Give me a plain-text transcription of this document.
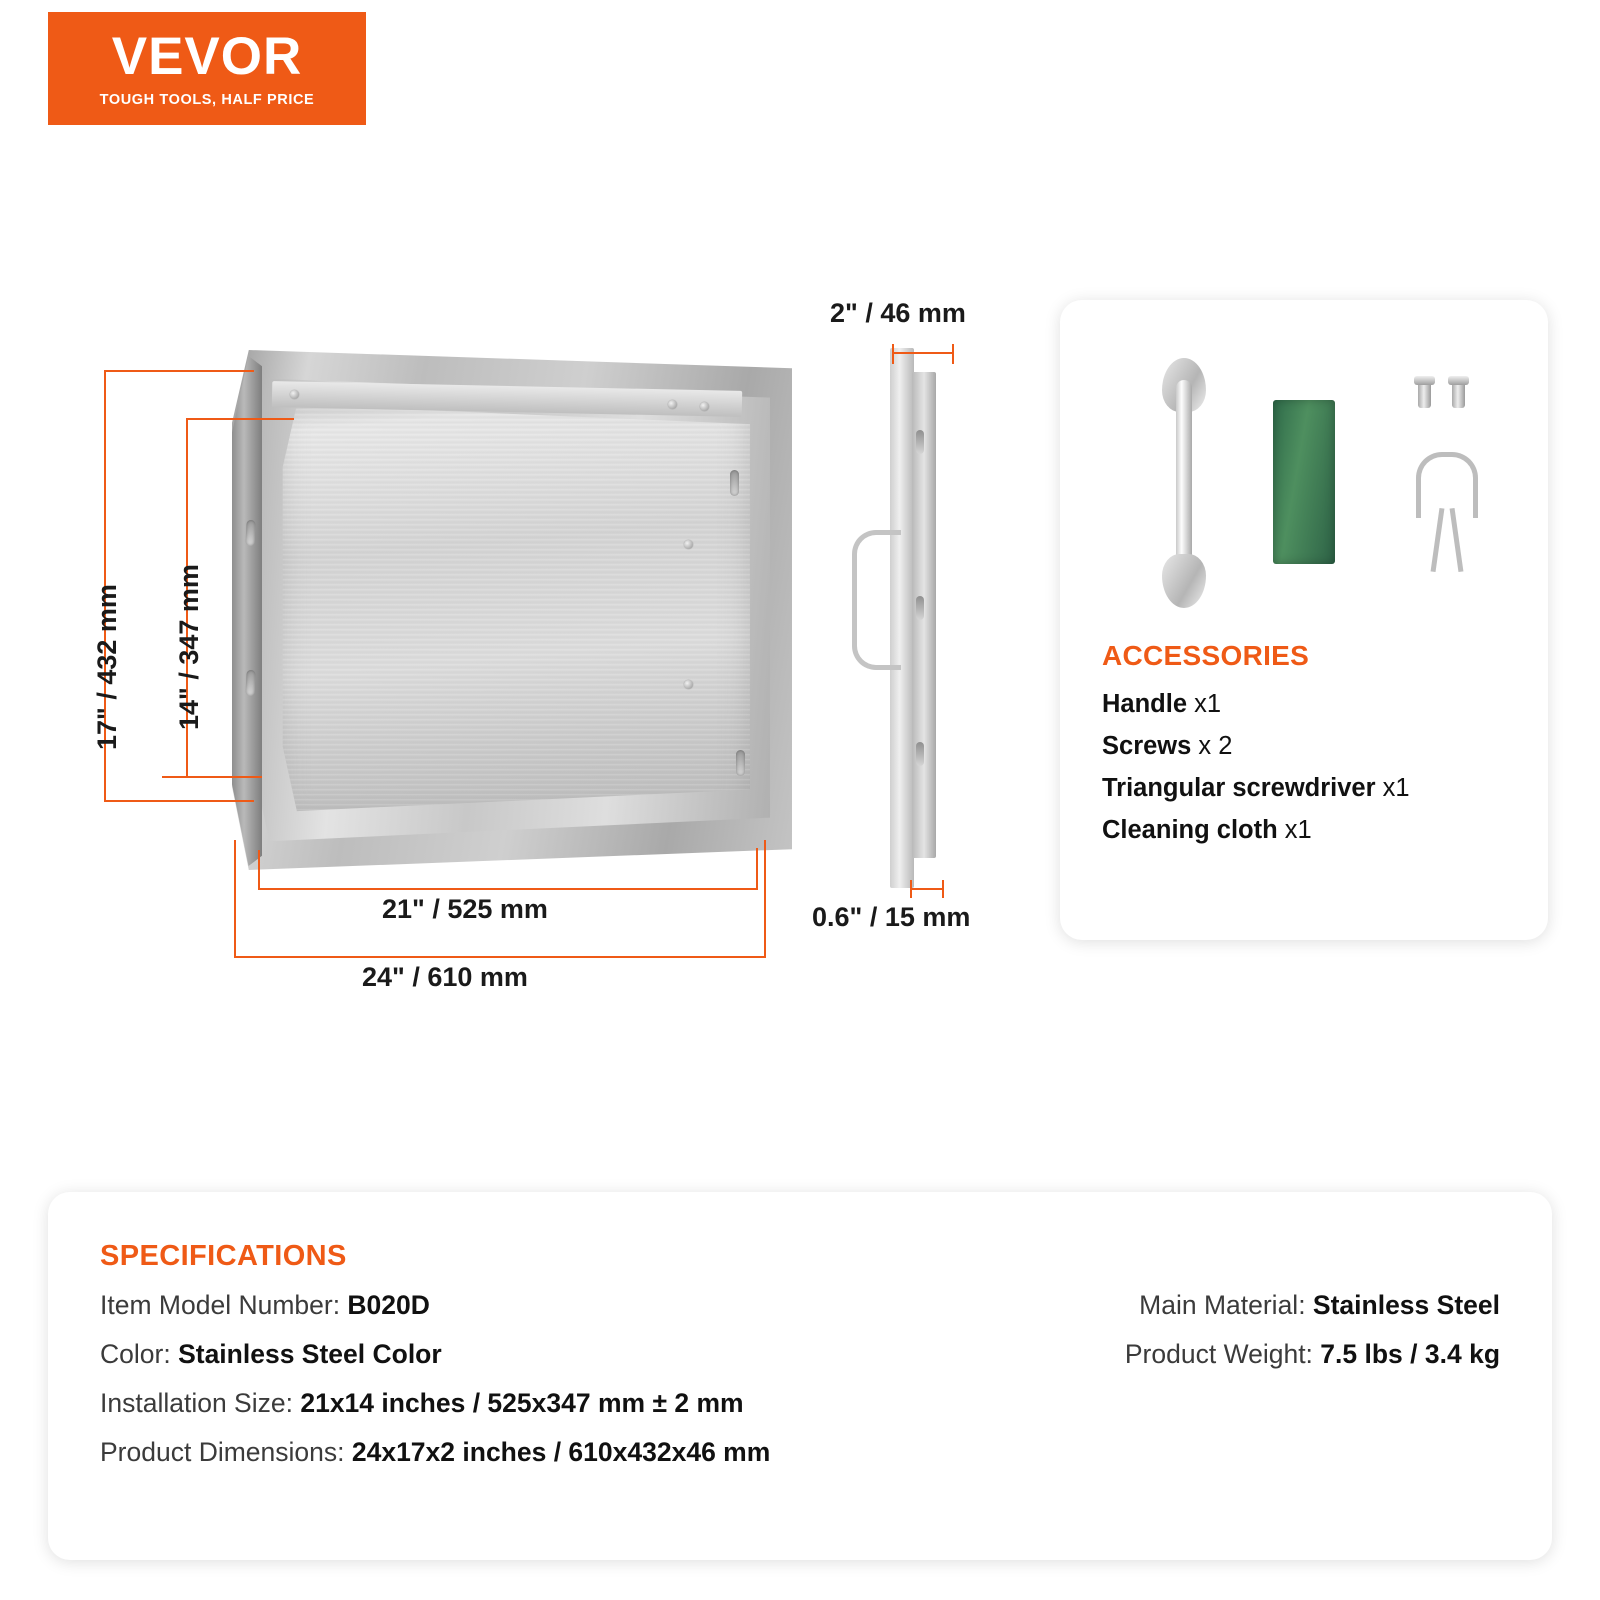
VEVOR
TOUGH TOOLS, HALF PRICE
17" / 432 mm 14" / 347 mm
21" / 525 mm
24" / 610 mm
2" / 46 mm
0.6" / 15 mm
ACCESSORIES
Handle x1
Screws x 2
Triangular screwdriver x1
Cleaning cloth x1
SPECIFICATIONS
Item Model Number: B020D
Color: Stainless Steel Color
Installation Size: 21x14 inches / 525x347 mm ± 2 mm
Product Dimensions: 24x17x2 inches / 610x432x46 mm
Main Material: Stainless Steel
Product Weight: 7.5 lbs / 3.4 kg
